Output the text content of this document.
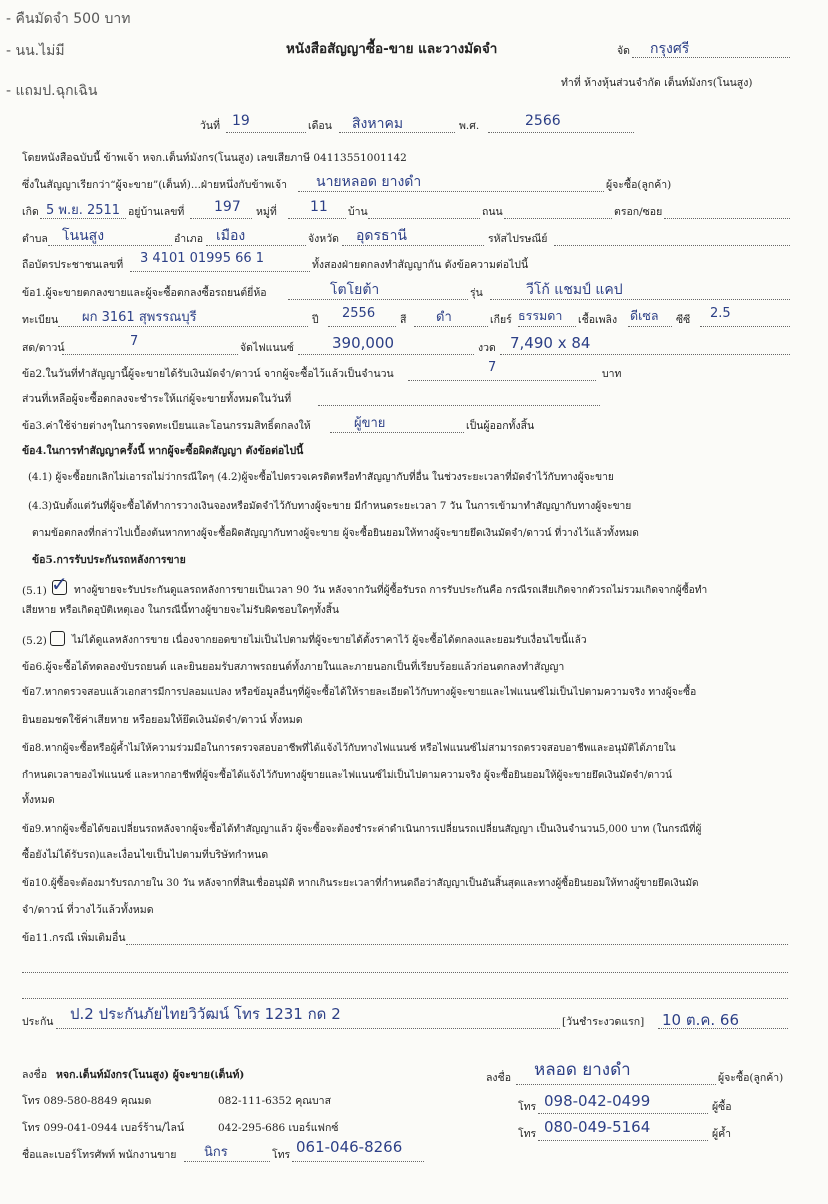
- คืนมัดจำ 500 บาท
- นน.ไม่มี
- แถมป.ฉุกเฉิน
หนังสือสัญญาซื้อ-ขาย และวางมัดจำ	จัด กรุงศรี
ทำที่ ห้างหุ้นส่วนจำกัด เต็นท์มังกร(โนนสูง)
วันที่ 19	เดือน สิงหาคม	พ.ศ.	2566
โดยหนังสือฉบับนี้ ข้าพเจ้า หจก.เต็นท์มังกร(โนนสูง) เลขเสียภาษี 04113551001142
ซึ่งในสัญญาเรียกว่า“ผู้จะขาย”(เต็นท์)...ฝ่ายหนึ่งกับข้าพเจ้า นายหลอด ยางดำ	ผู้จะซื้อ(ลูกค้า)
เกิด 5 พ.ย. 2511 อยู่บ้านเลขที่ 197 หมู่ที่ 11 บ้าน	ถนน	ตรอก/ซอย
ตำบล โนนสูง	อำเภอ เมือง	จังหวัด อุดรธานี	รหัสไปรษณีย์
ถือบัตรประชาชนเลขที่ 3 4101 01995 66 1	ทั้งสองฝ่ายตกลงทำสัญญากัน ดังข้อความต่อไปนี้
ข้อ1.ผู้จะขายตกลงขายและผู้จะซื้อตกลงซื้อรถยนต์ยี่ห้อ	โตโยต้า	รุ่น	วีโก้ แชมป์ แคป
ทะเบียน ผก 3161 สุพรรณบุรี	ปี 2556 สี ดำ	เกียร์ ธรรมดา เชื้อเพลิง ดีเซล ซีซี 2.5
สด/ดาวน์	7	จัดไฟแนนซ์	390,000	งวด 7,490 x 84
ข้อ2.ในวันที่ทำสัญญานี้ผู้จะขายได้รับเงินมัดจำ/ดาวน์ จากผู้จะซื้อไว้แล้วเป็นจำนวน	7	บาท
ส่วนที่เหลือผู้จะซื้อตกลงจะชำระให้แก่ผู้จะขายทั้งหมดในวันที่
ข้อ3.ค่าใช้จ่ายต่างๆในการจดทะเบียนและโอนกรรมสิทธิ์ตกลงให้	ผู้ขาย	เป็นผู้ออกทั้งสิ้น
ข้อ4.ในการทำสัญญาครั้งนี้ หากผู้จะซื้อผิดสัญญา ดังข้อต่อไปนี้
(4.1) ผู้จะซื้อยกเลิกไม่เอารถไม่ว่ากรณีใดๆ (4.2)ผู้จะซื้อไปตรวจเครดิตหรือทำสัญญากับที่อื่น ในช่วงระยะเวลาที่มัดจำไว้กับทางผู้จะขาย
(4.3)นับตั้งแต่วันที่ผู้จะซื้อได้ทำการวางเงินจองหรือมัดจำไว้กับทางผู้จะขาย มีกำหนดระยะเวลา 7 วัน ในการเข้ามาทำสัญญากับทางผู้จะขาย
ตามข้อตกลงที่กล่าวไปเบื้องต้นหากทางผู้จะซื้อผิดสัญญากับทางผู้จะขาย ผู้จะซื้อยินยอมให้ทางผู้จะขายยึดเงินมัดจำ/ดาวน์ ที่วางไว้แล้วทั้งหมด
ข้อ5.การรับประกันรถหลังการขาย
(5.1) ✓ ทางผู้ขายจะรับประกันดูแลรถหลังการขายเป็นเวลา 90 วัน หลังจากวันที่ผู้ซื้อรับรถ การรับประกันคือ กรณีรถเสียเกิดจากตัวรถไม่รวมเกิดจากผู้ซื้อทำ
เสียหาย หรือเกิดอุบัติเหตุเอง ในกรณีนี้ทางผู้ขายจะไม่รับผิดชอบใดๆทั้งสิ้น
(5.2) ไม่ได้ดูแลหลังการขาย เนื่องจากยอดขายไม่เป็นไปตามที่ผู้จะขายได้ตั้งราคาไว้ ผู้จะซื้อได้ตกลงและยอมรับเงื่อนไขนี้แล้ว
ข้อ6.ผู้จะซื้อได้ทดลองขับรถยนต์ และยินยอมรับสภาพรถยนต์ทั้งภายในและภายนอกเป็นที่เรียบร้อยแล้วก่อนตกลงทำสัญญา
ข้อ7.หากตรวจสอบแล้วเอกสารมีการปลอมแปลง หรือข้อมูลอื่นๆที่ผู้จะซื้อได้ให้รายละเอียดไว้กับทางผู้จะขายและไฟแนนซ์ไม่เป็นไปตามความจริง ทางผู้จะซื้อ
ยินยอมชดใช้ค่าเสียหาย หรือยอมให้ยึดเงินมัดจำ/ดาวน์ ทั้งหมด
ข้อ8.หากผู้จะซื้อหรือผู้ค้ำไม่ให้ความร่วมมือในการตรวจสอบอาชีพที่ได้แจ้งไว้กับทางไฟแนนซ์ หรือไฟแนนซ์ไม่สามารถตรวจสอบอาชีพและอนุมัติได้ภายใน
กำหนดเวลาของไฟแนนซ์ และหากอาชีพที่ผู้จะซื้อได้แจ้งไว้กับทางผู้ขายและไฟแนนซ์ไม่เป็นไปตามความจริง ผู้จะซื้อยินยอมให้ผู้จะขายยึดเงินมัดจำ/ดาวน์
ทั้งหมด
ข้อ9.หากผู้จะซื้อได้ขอเปลี่ยนรถหลังจากผู้จะซื้อได้ทำสัญญาแล้ว ผู้จะซื้อจะต้องชำระค่าดำเนินการเปลี่ยนรถเปลี่ยนสัญญา เป็นเงินจำนวน5,000 บาท (ในกรณีที่ผู้
ซื้อยังไม่ได้รับรถ)และเงื่อนไขเป็นไปตามที่บริษัทกำหนด
ข้อ10.ผู้ซื้อจะต้องมารับรถภายใน 30 วัน หลังจากที่สินเชื่ออนุมัติ หากเกินระยะเวลาที่กำหนดถือว่าสัญญาเป็นอันสิ้นสุดและทางผู้ซื้อยินยอมให้ทางผู้ขายยึดเงินมัด
จำ/ดาวน์ ที่วางไว้แล้วทั้งหมด
ข้อ11.กรณี เพิ่มเติมอื่น
ประกัน ป.2 ประกันภัยไทยวิวัฒน์ โทร 1231 กด 2	[วันชำระงวดแรก] 10 ต.ค. 66
ลงชื่อ หจก.เต็นท์มังกร(โนนสูง) ผู้จะขาย(เต็นท์)
โทร 089-580-8849 คุณมด	082-111-6352 คุณบาส
โทร 099-041-0944 เบอร์ร้าน/ไลน์	042-295-686 เบอร์แฟกซ์
ชื่อและเบอร์โทรศัพท์ พนักงานขาย นิกร	โทร 061-046-8266
ลงชื่อ หลอด ยางดำ	ผู้จะซื้อ(ลูกค้า)
โทร 098-042-0499	ผู้ซื้อ
โทร 080-049-5164	ผู้ค้ำ
